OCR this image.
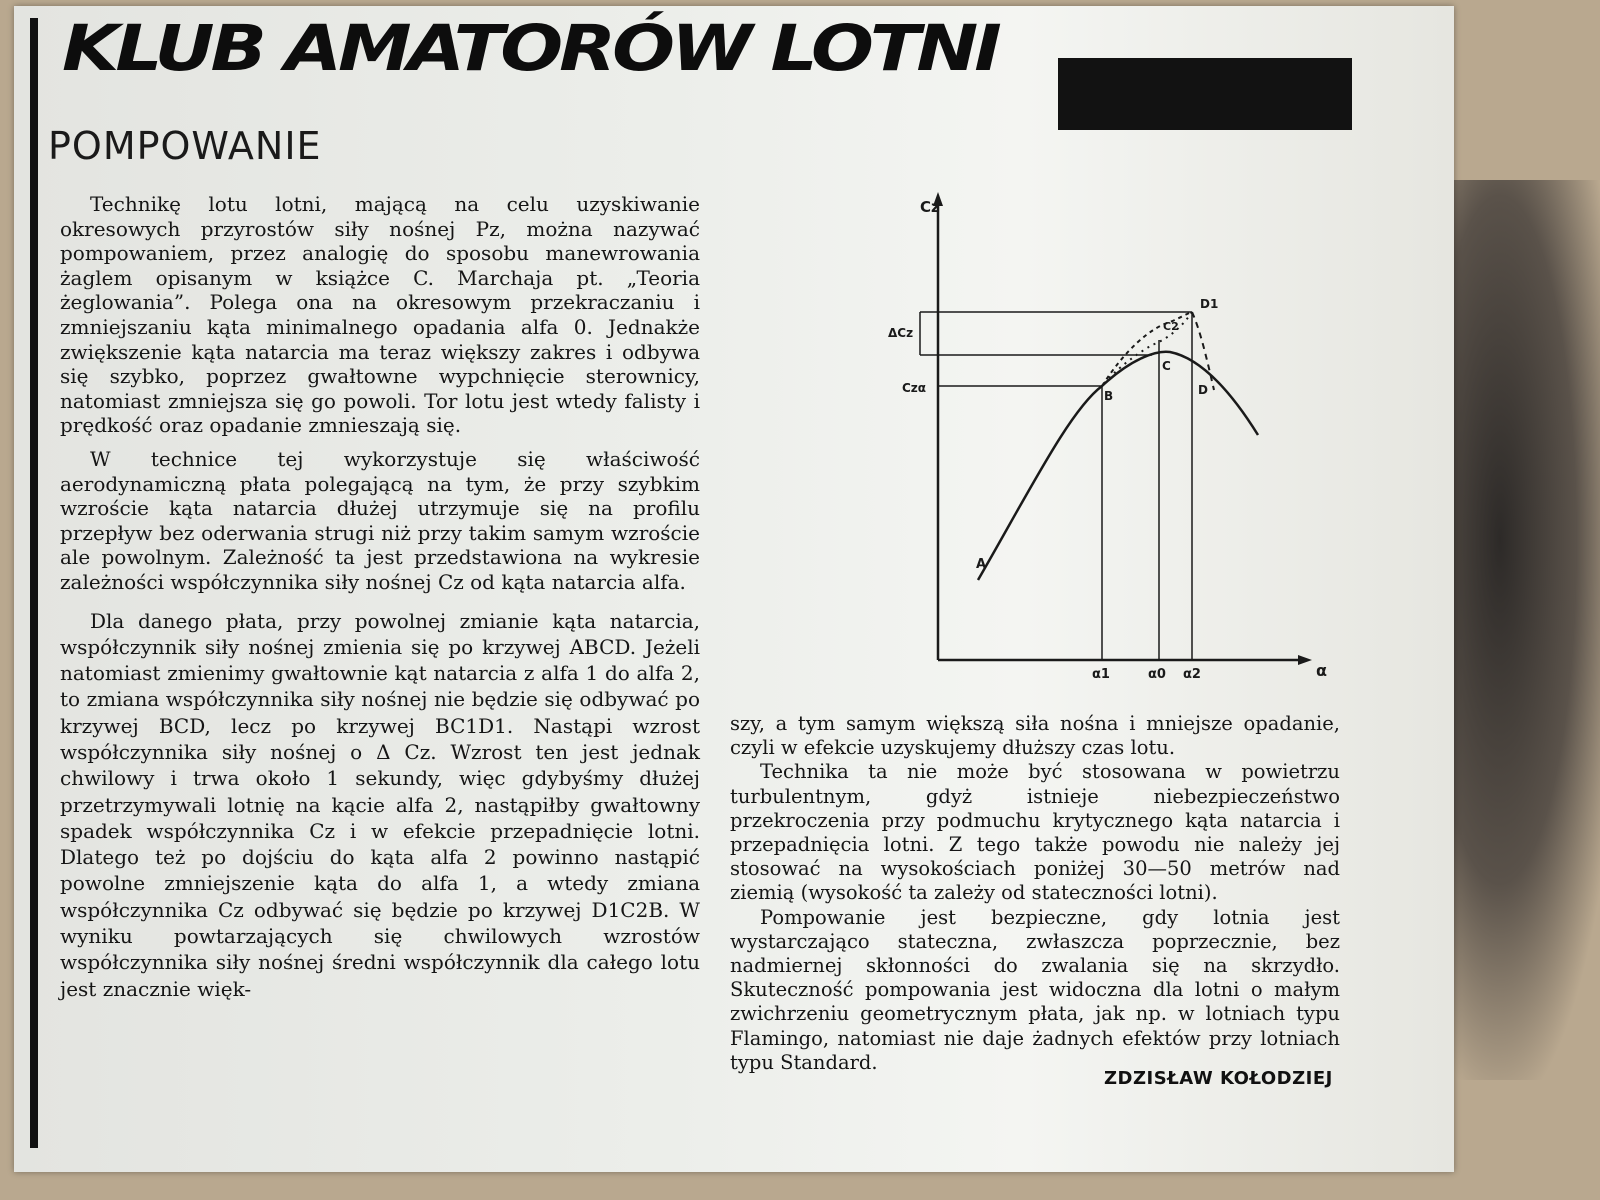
KLUB AMATORÓW LOTNI
POMPOWANIE

Technikę lotu lotni, mającą na celu uzyskiwanie okresowych przyrostów siły nośnej Pz, można nazywać pompowaniem, przez analogię do sposobu manewrowania żaglem opisanym w książce C. Marchaja pt. „Teoria żeglowania”. Polega ona na okresowym przekraczaniu i zmniejszaniu kąta minimalnego opadania alfa 0. Jednakże zwiększenie kąta natarcia ma teraz większy zakres i odbywa się szybko, poprzez gwałtowne wypchnięcie sterownicy, natomiast zmniejsza się go powoli. Tor lotu jest wtedy falisty i prędkość oraz opadanie zmnieszają się.

W technice tej wykorzystuje się właściwość aerodynamiczną płata polegającą na tym, że przy szybkim wzroście kąta natarcia dłużej utrzymuje się na profilu przepływ bez oderwania strugi niż przy takim samym wzroście ale powolnym. Zależność ta jest przedstawiona na wykresie zależności współczynnika siły nośnej Cz od kąta natarcia alfa.

Dla danego płata, przy powolnej zmianie kąta natarcia, współczynnik siły nośnej zmienia się po krzywej ABCD. Jeżeli natomiast zmienimy gwałtownie kąt natarcia z alfa 1 do alfa 2, to zmiana współczynnika siły nośnej nie będzie się odbywać po krzywej BCD, lecz po krzywej BC1D1. Nastąpi wzrost współczynnika siły nośnej o Δ Cz. Wzrost ten jest jednak chwilowy i trwa około 1 sekundy, więc gdybyśmy dłużej przetrzymywali lotnię na kącie alfa 2, nastąpiłby gwałtowny spadek współczynnika Cz i w efekcie przepadnięcie lotni. Dlatego też po dojściu do kąta alfa 2 powinno nastąpić powolne zmniejszenie kąta do alfa 1, a wtedy zmiana współczynnika Cz odbywać się będzie po krzywej D1C2B. W wyniku powtarzających się chwilowych wzrostów współczynnika siły nośnej średni współczynnik dla całego lotu jest znacznie więk-

Cz
α
ΔCz
Czα
A
B
C
D
C2
D1
α1	α0 α2

szy, a tym samym większą siła nośna i mniejsze opadanie, czyli w efekcie uzyskujemy dłuższy czas lotu.

Technika ta nie może być stosowana w powietrzu turbulentnym, gdyż istnieje niebezpieczeństwo przekroczenia przy podmuchu krytycznego kąta natarcia i przepadnięcia lotni. Z tego także powodu nie należy jej stosować na wysokościach poniżej 30—50 metrów nad ziemią (wysokość ta zależy od stateczności lotni).

Pompowanie jest bezpieczne, gdy lotnia jest wystarczająco stateczna, zwłaszcza poprzecznie, bez nadmiernej skłonności do zwalania się na skrzydło. Skuteczność pompowania jest widoczna dla lotni o małym zwichrzeniu geometrycznym płata, jak np. w lotniach typu Flamingo, natomiast nie daje żadnych efektów przy lotniach typu Standard.

ZDZISŁAW KOŁODZIEJ
